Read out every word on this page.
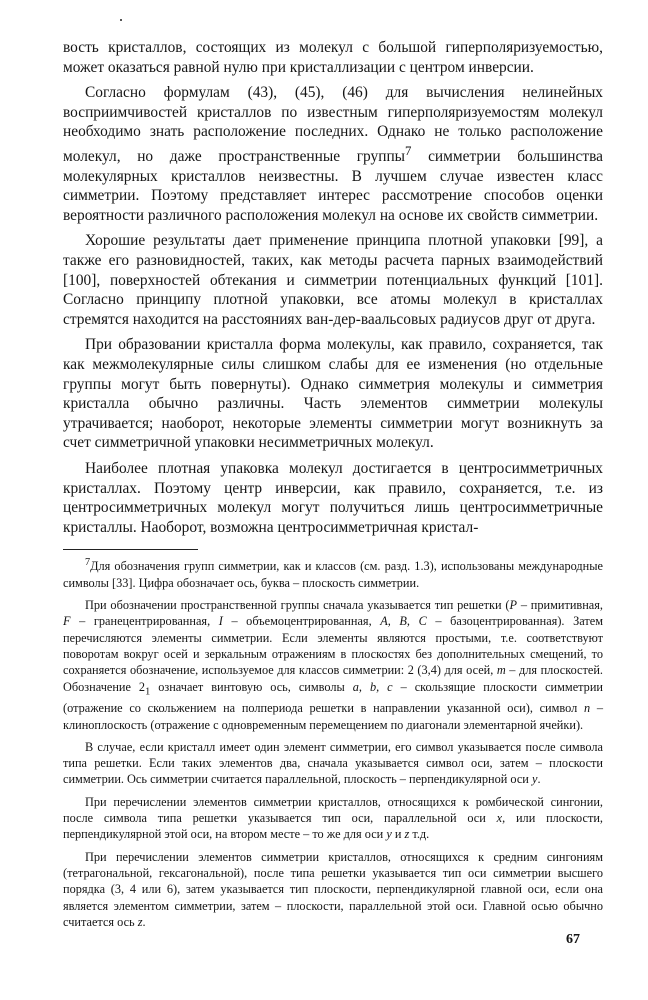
вость кристаллов, состоящих из молекул с большой гиперполяризуемостью, может оказаться равной нулю при кристаллизации с центром инверсии.

Согласно формулам (43), (45), (46) для вычисления нелинейных восприимчивостей кристаллов по известным гиперполяризуемостям молекул необходимо знать расположение последних. Однако не только расположение молекул, но даже пространственные группы$^7$ симметрии большинства молекулярных кристаллов неизвестны. В лучшем случае известен класс симметрии. Поэтому представляет интерес рассмотрение способов оценки вероятности различного расположения молекул на основе их свойств симметрии.

Хорошие результаты дает применение принципа плотной упаковки [99], а также его разновидностей, таких, как методы расчета парных взаимодействий [100], поверхностей обтекания и симметрии потенциальных функций [101]. Согласно принципу плотной упаковки, все атомы молекул в кристаллах стремятся находится на расстояниях ван-дер-ваальсовых радиусов друг от друга.

При образовании кристалла форма молекулы, как правило, сохраняется, так как межмолекулярные силы слишком слабы для ее изменения (но отдельные группы могут быть повернуты). Однако симметрия молекулы и симметрия кристалла обычно различны. Часть элементов симметрии молекулы утрачивается; наоборот, некоторые элементы симметрии могут возникнуть за счет симметричной упаковки несимметричных молекул.

Наиболее плотная упаковка молекул достигается в центросимметричных кристаллах. Поэтому центр инверсии, как правило, сохраняется, т.е. из центросимметричных молекул могут получиться лишь центросимметричные кристаллы. Наоборот, возможна центросимметричная кристал-

$^7$Для обозначения групп симметрии, как и классов (см. разд. 1.3), использованы международные символы [33]. Цифра обозначает ось, буква – плоскость симметрии.

При обозначении пространственной группы сначала указывается тип решетки (P – примитивная, F – гранецентрированная, I – объемоцентрированная, A, B, C – базоцентрированная). Затем перечисляются элементы симметрии. Если элементы являются простыми, т.е. соответствуют поворотам вокруг осей и зеркальным отражениям в плоскостях без дополнительных смещений, то сохраняется обозначение, используемое для классов симметрии: 2 (3,4) для осей, m – для плоскостей. Обозначение $2_1$ означает винтовую ось, символы a, b, c – скользящие плоскости симметрии (отражение со скольжением на полпериода решетки в направлении указанной оси), символ n – клиноплоскость (отражение с одновременным перемещением по диагонали элементарной ячейки).

В случае, если кристалл имеет один элемент симметрии, его символ указывается после символа типа решетки. Если таких элементов два, сначала указывается символ оси, затем – плоскости симметрии. Ось симметрии считается параллельной, плоскость – перпендикулярной оси y.

При перечислении элементов симметрии кристаллов, относящихся к ромбической сингонии, после символа типа решетки указывается тип оси, параллельной оси x, или плоскости, перпендикулярной этой оси, на втором месте – то же для оси y и z т.д.

При перечислении элементов симметрии кристаллов, относящихся к средним сингониям (тетрагональной, гексагональной), после типа решетки указывается тип оси симметрии высшего порядка (3, 4 или 6), затем указывается тип плоскости, перпендикулярной главной оси, если она является элементом симметрии, затем – плоскости, параллельной этой оси. Главной осью обычно считается ось z.

67
